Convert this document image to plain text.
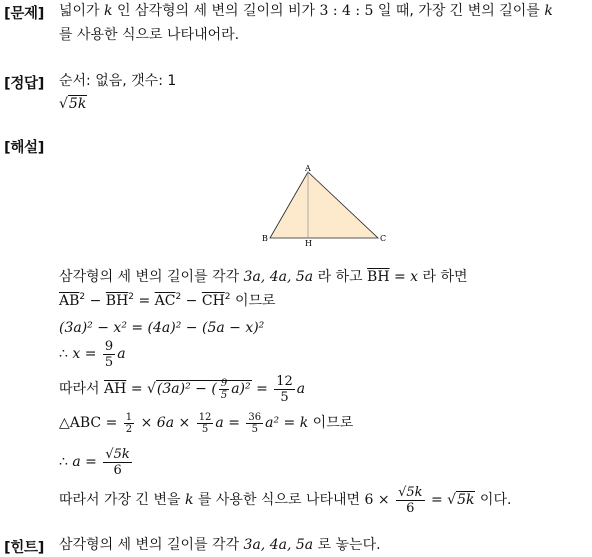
[문제] 넓이가 k 인 삼각형의 세 변의 길이의 비가 3 : 4 : 5 일 때, 가장 긴 변의 길이를 k
를 사용한 식으로 나타내어라.
[정답] 순서: 없음, 갯수: 1
√5k
[해설]
A
B
H
C
삼각형의 세 변의 길이를 각각 3a, 4a, 5a 라 하고 $\overline{BH} = x$ 라 하면
$\overline{AB}^2 - \overline{BH}^2 = \overline{AC}^2 - \overline{CH}^2$ 이므로
(3a)² − x² = (4a)² − (5a − x)²
∴ $x = \frac{9}{5}$ a
따라서 $\overline{AH} = √(3a)^2$ − ( $\frac{9}{5} a)^2 = \frac{12}{5}$ a
△ABC = $\frac{1}{2} \times 6a \times \frac{12}{5}$ $a = \frac{36}{5} a^2 = k$ 이므로
∴ $a = \frac{√5k}{6}$
따라서 가장 긴 변을 k 를 사용한 식으로 나타내면 $6 \times \frac{√5k}{6} = √5k$ 이다.
[힌트] 삼각형의 세 변의 길이를 각각 3a, 4a, 5a 로 놓는다.
